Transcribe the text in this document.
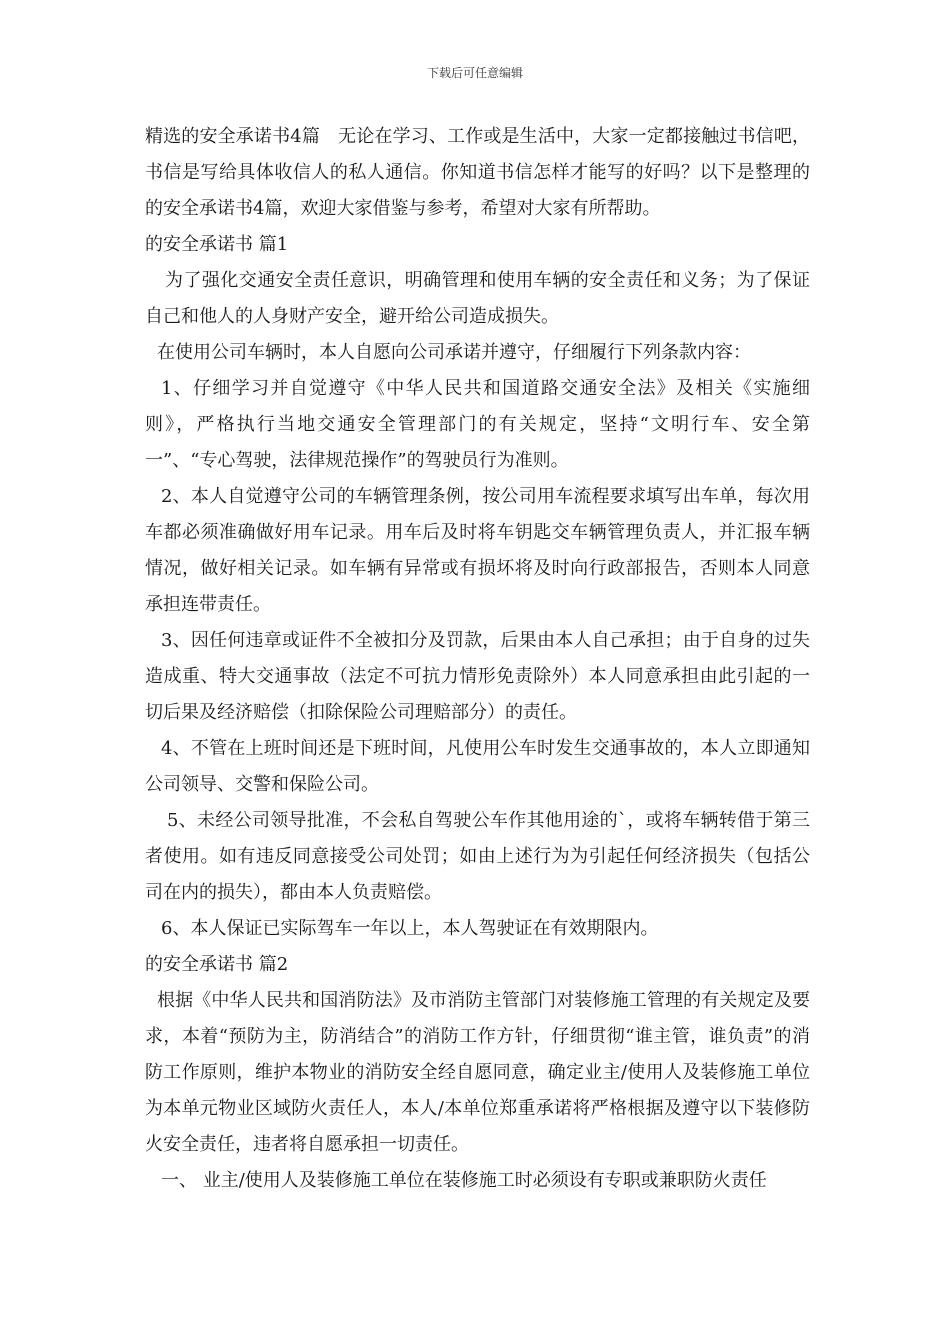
下载后可任意编辑

精选的安全承诺书4篇　无论在学习、工作或是生活中，大家一定都接触过书信吧，书信是写给具体收信人的私人通信。你知道书信怎样才能写的好吗？以下是整理的的安全承诺书4篇，欢迎大家借鉴与参考，希望对大家有所帮助。

的安全承诺书 篇1

为了强化交通安全责任意识，明确管理和使用车辆的安全责任和义务；为了保证自己和他人的人身财产安全，避开给公司造成损失。

在使用公司车辆时，本人自愿向公司承诺并遵守，仔细履行下列条款内容：

1、仔细学习并自觉遵守《中华人民共和国道路交通安全法》及相关《实施细则》，严格执行当地交通安全管理部门的有关规定，坚持“文明行车、安全第一”、“专心驾驶，法律规范操作”的驾驶员行为准则。

2、本人自觉遵守公司的车辆管理条例，按公司用车流程要求填写出车单，每次用车都必须准确做好用车记录。用车后及时将车钥匙交车辆管理负责人，并汇报车辆情况，做好相关记录。如车辆有异常或有损坏将及时向行政部报告，否则本人同意承担连带责任。

3、因任何违章或证件不全被扣分及罚款，后果由本人自己承担；由于自身的过失造成重、特大交通事故（法定不可抗力情形免责除外）本人同意承担由此引起的一切后果及经济赔偿（扣除保险公司理赔部分）的责任。

4、不管在上班时间还是下班时间，凡使用公车时发生交通事故的，本人立即通知公司领导、交警和保险公司。

5、未经公司领导批准，不会私自驾驶公车作其他用途的`，或将车辆转借于第三者使用。如有违反同意接受公司处罚；如由上述行为为引起任何经济损失（包括公司在内的损失），都由本人负责赔偿。

6、本人保证已实际驾车一年以上，本人驾驶证在有效期限内。

的安全承诺书 篇2

根据《中华人民共和国消防法》及市消防主管部门对装修施工管理的有关规定及要求，本着“预防为主，防消结合”的消防工作方针，仔细贯彻“谁主管，谁负责”的消防工作原则，维护本物业的消防安全经自愿同意，确定业主/使用人及装修施工单位为本单元物业区域防火责任人，本人/本单位郑重承诺将严格根据及遵守以下装修防火安全责任，违者将自愿承担一切责任。

一、 业主/使用人及装修施工单位在装修施工时必须设有专职或兼职防火责任
